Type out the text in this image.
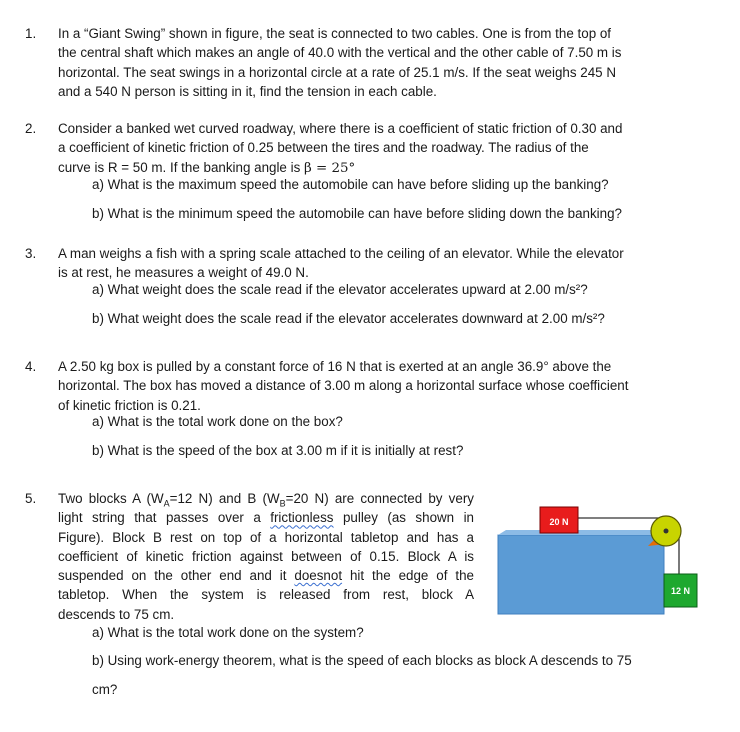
1. In a “Giant Swing” shown in figure, the seat is connected to two cables. One is from the top of
the central shaft which makes an angle of 40.0 with the vertical and the other cable of 7.50 m is
horizontal. The seat swings in a horizontal circle at a rate of 25.1 m/s. If the seat weighs 245 N
and a 540 N person is sitting in it, find the tension in each cable.
2. Consider a banked wet curved roadway, where there is a coefficient of static friction of 0.30 and
a coefficient of kinetic friction of 0.25 between the tires and the roadway. The radius of the
curve is R = 50 m. If the banking angle is β = 25°
a) What is the maximum speed the automobile can have before sliding up the banking?
b) What is the minimum speed the automobile can have before sliding down the banking?
3. A man weighs a fish with a spring scale attached to the ceiling of an elevator. While the elevator
is at rest, he measures a weight of 49.0 N.
a) What weight does the scale read if the elevator accelerates upward at 2.00 m/s²?
b) What weight does the scale read if the elevator accelerates downward at 2.00 m/s²?
4. A 2.50 kg box is pulled by a constant force of 16 N that is exerted at an angle 36.9° above the
horizontal. The box has moved a distance of 3.00 m along a horizontal surface whose coefficient
of kinetic friction is 0.21.
a) What is the total work done on the box?
b) What is the speed of the box at 3.00 m if it is initially at rest?
5. Two blocks A ($W_A=12$ N) and B ($W_B=20$ N) are connected by very
light string that passes over a frictionless pulley (as shown in
Figure). Block B rest on top of a horizontal tabletop and has a
coefficient of kinetic friction against between of 0.15. Block A is
suspended on the other end and it doesnot hit the edge of the
tabletop. When the system is released from rest, block A
descends to 75 cm.
a) What is the total work done on the system?
b) Using work-energy theorem, what is the speed of each blocks as block A descends to 75
cm?
20 N
12 N
